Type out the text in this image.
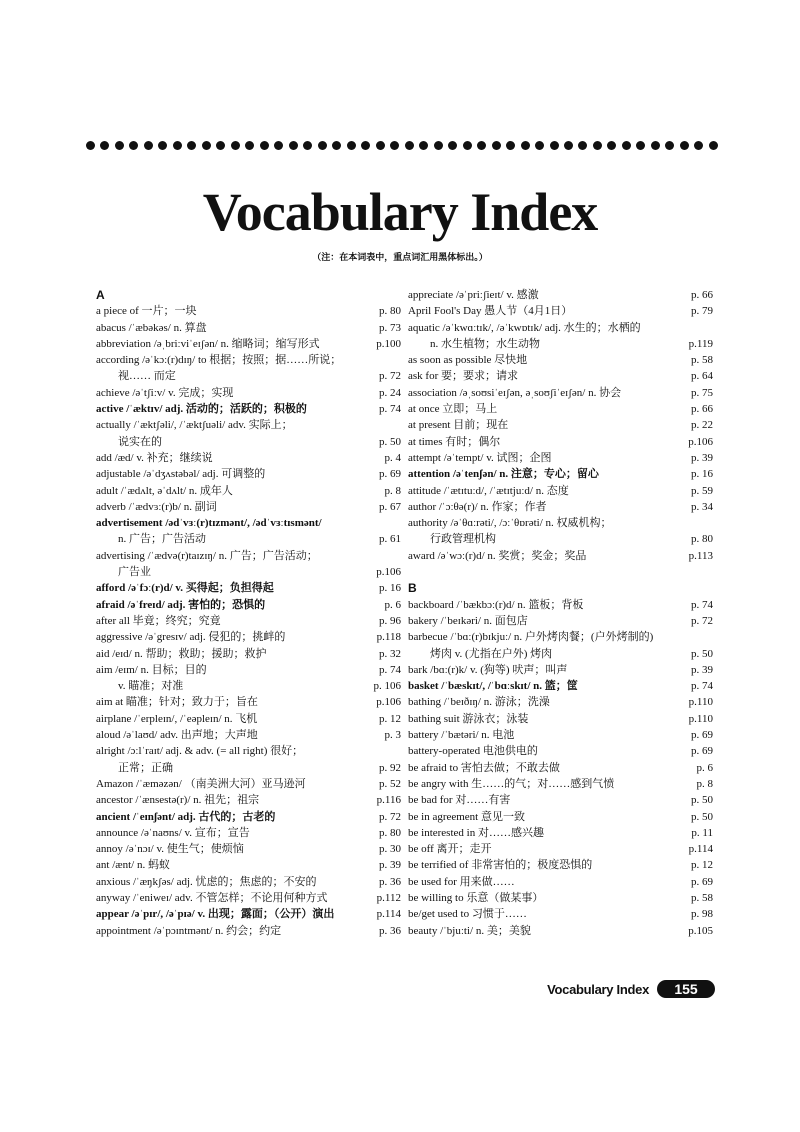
Vocabulary Index
（注：在本词表中，重点词汇用黑体标出。）
A
a piece of 一片；一块	p. 80
abacus /ˈæbəkəs/ n. 算盘	p. 73
abbreviation /əˌbriːviˈeɪʃən/ n. 缩略词；缩写形式	p.100
according /əˈkɔː(r)dɪŋ/ to 根据；按照；据……所说；
视…… 而定	p. 72
achieve /əˈtʃiːv/ v. 完成；实现	p. 24
active /ˈæktɪv/ adj. 活动的；活跃的；积极的	p. 74
actually /ˈæktʃəli/, /ˈæktʃuəli/ adv. 实际上；
说实在的	p. 50
add /æd/ v. 补充；继续说	p. 4
adjustable /əˈdʒʌstəbəl/ adj. 可调整的	p. 69
adult /ˈædʌlt, əˈdʌlt/ n. 成年人	p. 8
adverb /ˈædvɜː(r)b/ n. 副词	p. 67
advertisement /ədˈvɜː(r)tɪzmənt/, /ədˈvɜːtɪsmənt/
n. 广告；广告活动	p. 61
advertising /ˈædvə(r)taɪzɪŋ/ n. 广告；广告活动；
广告业	p.106
afford /əˈfɔː(r)d/ v. 买得起；负担得起	p. 16
afraid /əˈfreɪd/ adj. 害怕的；恐惧的	p. 6
after all 毕竟；终究；究竟	p. 96
aggressive /əˈgresɪv/ adj. 侵犯的；挑衅的	p.118
aid /eɪd/ n. 帮助；救助；援助；救护	p. 32
aim /eɪm/ n. 目标；目的	p. 74
v. 瞄准；对准	p. 106
aim at 瞄准；针对；致力于；旨在	p.106
airplane /ˈerpleɪn/, /ˈeəpleɪn/ n. 飞机	p. 12
aloud /əˈlaʊd/ adv. 出声地；大声地	p. 3
alright /ɔːlˈraɪt/ adj. & adv. (= all right) 很好；
正常；正确	p. 92
Amazon /ˈæməzən/ （南美洲大河）亚马逊河	p. 52
ancestor /ˈænsestə(r)/ n. 祖先；祖宗	p.116
ancient /ˈeɪnʃənt/ adj. 古代的；古老的	p. 72
announce /əˈnaʊns/ v. 宣布；宣告	p. 80
annoy /əˈnɔɪ/ v. 使生气；使烦恼	p. 30
ant /ænt/ n. 蚂蚁	p. 39
anxious /ˈæŋkʃəs/ adj. 忧虑的；焦虑的；不安的	p. 36
anyway /ˈeniweɪ/ adv. 不管怎样；不论用何种方式	p.112
appear /əˈpɪr/, /əˈpɪə/ v. 出现；露面；（公开）演出	p.114
appointment /əˈpɔɪntmənt/ n. 约会；约定	p. 36
appreciate /əˈpriːʃieɪt/ v. 感激	p. 66
April Fool's Day 愚人节（4月1日）	p. 79
aquatic /əˈkwɑːtɪk/, /əˈkwɒtɪk/ adj. 水生的；水栖的
n. 水生植物；水生动物	p.119
as soon as possible 尽快地	p. 58
ask for 要；要求；请求	p. 64
association /əˌsoʊsiˈeɪʃən, əˌsoʊʃiˈeɪʃən/ n. 协会	p. 75
at once 立即；马上	p. 66
at present 目前；现在	p. 22
at times 有时；偶尔	p.106
attempt /əˈtempt/ v. 试图；企图	p. 39
attention /əˈtenʃən/ n. 注意；专心；留心	p. 16
attitude /ˈætɪtuːd/, /ˈætɪtjuːd/ n. 态度	p. 59
author /ˈɔːθə(r)/ n. 作家；作者	p. 34
authority /əˈθɑːrəti/, /ɔːˈθɒrəti/ n. 权威机构；
行政管理机构	p. 80
award /əˈwɔː(r)d/ n. 奖赏；奖金；奖品	p.113
B
backboard /ˈbækbɔː(r)d/ n. 篮板；背板	p. 74
bakery /ˈbeɪkəri/ n. 面包店	p. 72
barbecue /ˈbɑː(r)bɪkjuː/ n. 户外烤肉餐；(户外烤制的)
烤肉 v. (尤指在户外) 烤肉	p. 50
bark /bɑː(r)k/ v. (狗等) 吠声；叫声	p. 39
basket /ˈbæskɪt/, /ˈbɑːskɪt/ n. 篮；筐	p. 74
bathing /ˈbeɪðɪŋ/ n. 游泳；洗澡	p.110
bathing suit 游泳衣；泳装	p.110
battery /ˈbætəri/ n. 电池	p. 69
battery-operated 电池供电的	p. 69
be afraid to 害怕去做；不敢去做	p. 6
be angry with 生……的气；对……感到气愤	p. 8
be bad for 对……有害	p. 50
be in agreement 意见一致	p. 50
be interested in 对……感兴趣	p. 11
be off 离开；走开	p.114
be terrified of 非常害怕的；极度恐惧的	p. 12
be used for 用来做……	p. 69
be willing to 乐意（做某事）	p. 58
be/get used to 习惯于……	p. 98
beauty /ˈbjuːti/ n. 美；美貌	p.105
Vocabulary Index	155
